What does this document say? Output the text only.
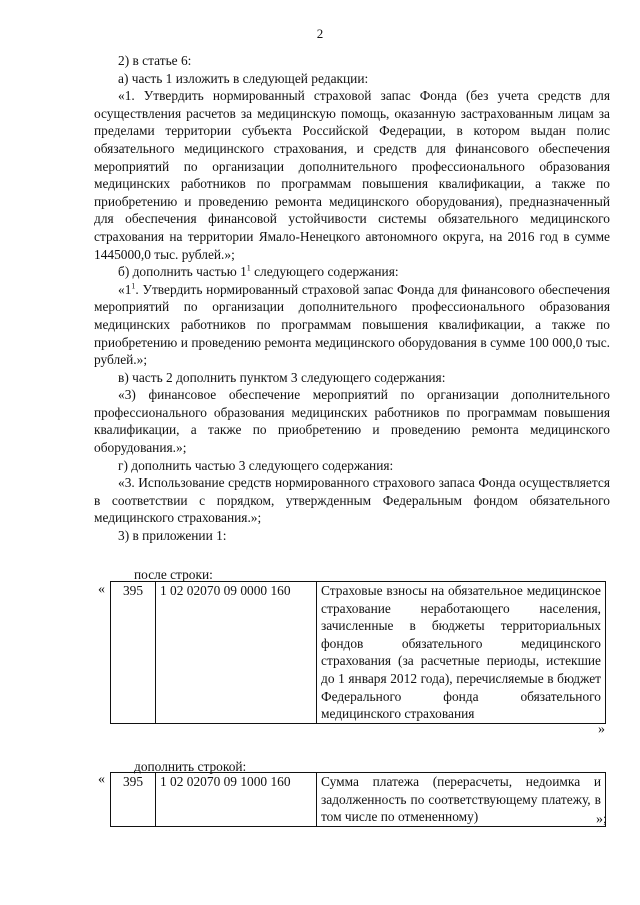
2

2) в статье 6:

а) часть 1 изложить в следующей редакции:

«1. Утвердить нормированный страховой запас Фонда (без учета средств для осуществления расчетов за медицинскую помощь, оказанную застрахованным лицам за пределами территории субъекта Российской Федерации, в котором выдан полис обязательного медицинского страхования, и средств для финансового обеспечения мероприятий по организации дополнительного профессионального образования медицинских работников по программам повышения квалификации, а также по приобретению и проведению ремонта медицинского оборудования), предназначенный для обеспечения финансовой устойчивости системы обязательного медицинского страхования на территории Ямало-Ненецкого автономного округа, на 2016 год в сумме 1445000,0 тыс. рублей.»;

б) дополнить частью $1^1$ следующего содержания:

«$1^1$. Утвердить нормированный страховой запас Фонда для финансового обеспечения мероприятий по организации дополнительного профессионального образования медицинских работников по программам повышения квалификации, а также по приобретению и проведению ремонта медицинского оборудования в сумме 100 000,0 тыс. рублей.»;

в) часть 2 дополнить пунктом 3 следующего содержания:

«3) финансовое обеспечение мероприятий по организации дополнительного профессионального образования медицинских работников по программам повышения квалификации, а также по приобретению и проведению ремонта медицинского оборудования.»;

г) дополнить частью 3 следующего содержания:

«3. Использование средств нормированного страхового запаса Фонда осуществляется в соответствии с порядком, утвержденным Федеральным фондом обязательного медицинского страхования.»;

3) в приложении 1:

после строки:
« 395	1 02 02070 09 0000 160	Страховые взносы на обязательное медицинское страхование неработающего населения, зачисленные в бюджеты территориальных фондов обязательного медицинского страхования (за расчетные периоды, истекшие до 1 января 2012 года), перечисляемые в бюджет Федерального фонда обязательного медицинского страхования
»
дополнить строкой:
« 395	1 02 02070 09 1000 160	Сумма платежа (перерасчеты, недоимка и задолженность по соответствующему платежу, в том числе по отмененному)	»;
